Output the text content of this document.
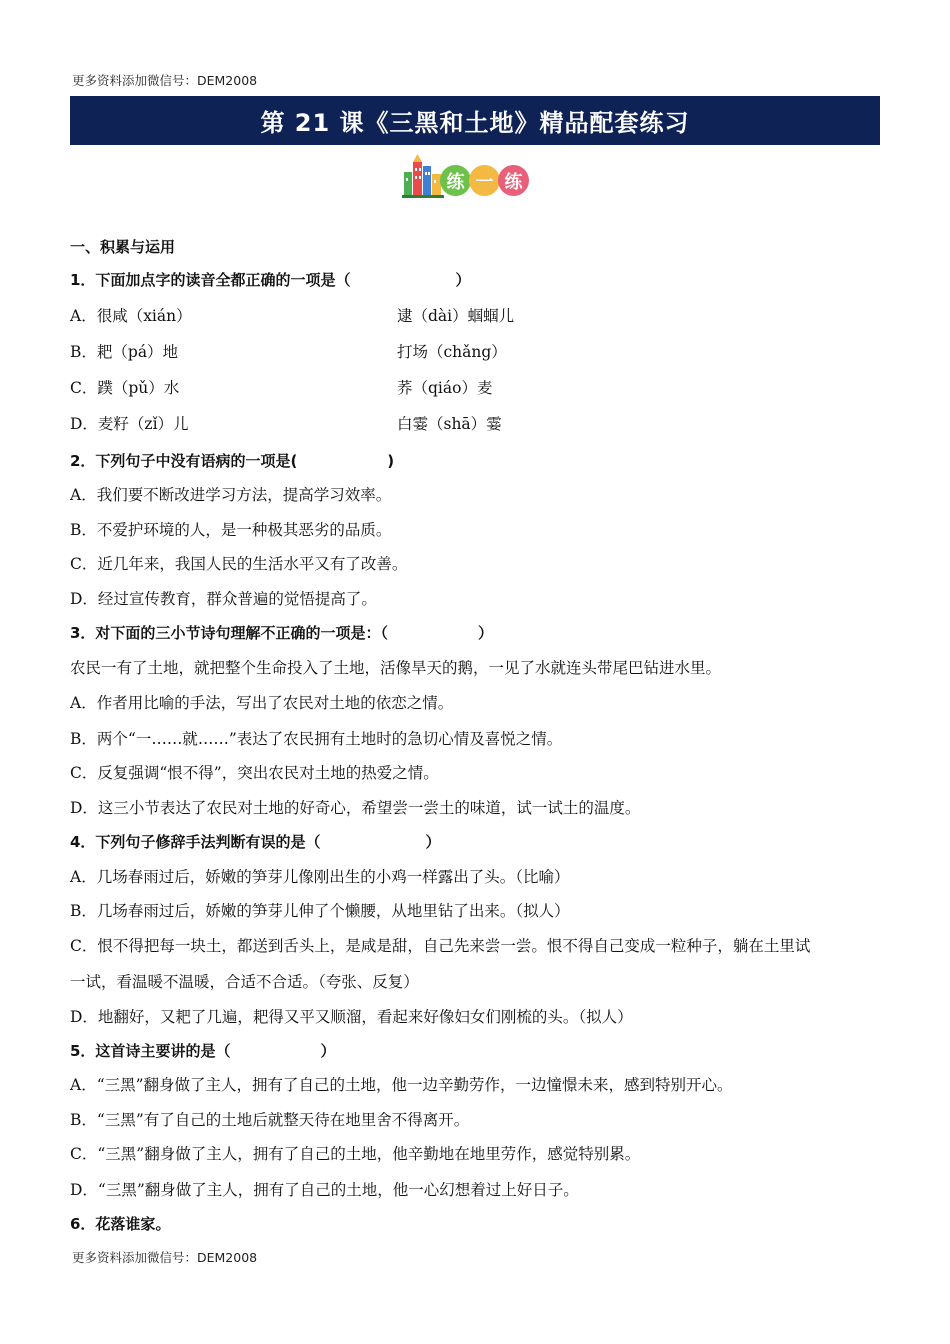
更多资料添加微信号：DEM2008
第 21 课《三黑和土地》精品配套练习
练 一 练
一、积累与运用
1．下面加点字的读音全都正确的一项是（　　　　　　　）
A．很咸（xián）	逮（dài）蝈蝈儿
B．耙（pá）地	打场（chǎng）
C．蹼（pǔ）水	荞（qiáo）麦
D．麦籽（zǐ）儿	白霎（shā）霎
2．下列句子中没有语病的一项是(　　　　　　)
A．我们要不断改进学习方法，提高学习效率。
B．不爱护环境的人，是一种极其恶劣的品质。
C．近几年来，我国人民的生活水平又有了改善。
D．经过宣传教育，群众普遍的觉悟提高了。
3．对下面的三小节诗句理解不正确的一项是：（　　　　　　）
农民一有了土地，就把整个生命投入了土地，活像旱天的鹅，一见了水就连头带尾巴钻进水里。
A．作者用比喻的手法，写出了农民对土地的依恋之情。
B．两个“一……就……”表达了农民拥有土地时的急切心情及喜悦之情。
C．反复强调“恨不得”，突出农民对土地的热爱之情。
D．这三小节表达了农民对土地的好奇心，希望尝一尝土的味道，试一试土的温度。
4．下列句子修辞手法判断有误的是（　　　　　　　）
A．几场春雨过后，娇嫩的笋芽儿像刚出生的小鸡一样露出了头。（比喻）
B．几场春雨过后，娇嫩的笋芽儿伸了个懒腰，从地里钻了出来。（拟人）
C．恨不得把每一块土，都送到舌头上，是咸是甜，自己先来尝一尝。恨不得自己变成一粒种子，躺在土里试
一试，看温暖不温暖，合适不合适。（夸张、反复）
D．地翻好，又耙了几遍，耙得又平又顺溜，看起来好像妇女们刚梳的头。（拟人）
5．这首诗主要讲的是（　　　　　　）
A．“三黑”翻身做了主人，拥有了自己的土地，他一边辛勤劳作，一边憧憬未来，感到特别开心。
B．“三黑”有了自己的土地后就整天待在地里舍不得离开。
C．“三黑”翻身做了主人，拥有了自己的土地，他辛勤地在地里劳作，感觉特别累。
D．“三黑”翻身做了主人，拥有了自己的土地，他一心幻想着过上好日子。
6．花落谁家。
更多资料添加微信号：DEM2008
